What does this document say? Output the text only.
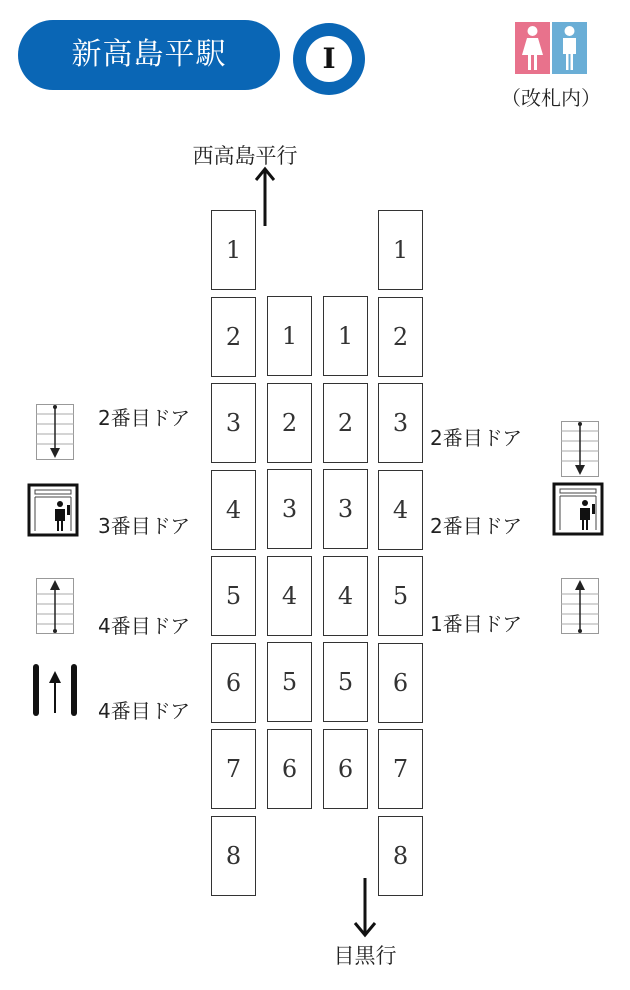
新高島平駅	I
（改札内）
西高島平行
1
2
3
4
5
6
7
8
1
2
3
4
5
6
1
2
3
4
5
6
1
2
3
4
5
6
7
8
2番目ドア
3番目ドア
4番目ドア
4番目ドア
2番目ドア
2番目ドア
1番目ドア
目黒行
